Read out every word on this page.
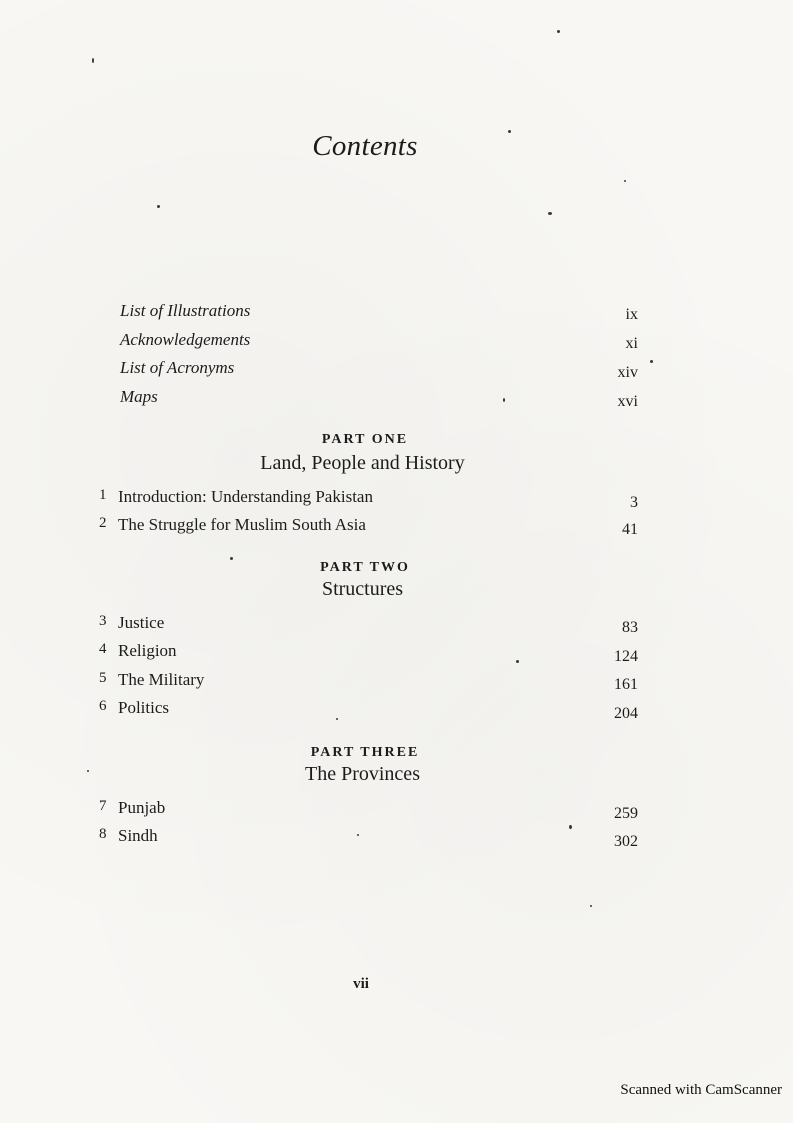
Contents
List of Illustrations	ix
Acknowledgements	xi
List of Acronyms	xiv
Maps	xvi
PART ONE
Land, People and History
1 Introduction: Understanding Pakistan	3
2 The Struggle for Muslim South Asia	41
PART TWO
Structures
3 Justice	83
4 Religion	124
5 The Military	161
6 Politics	204
PART THREE
The Provinces
7 Punjab	259
8 Sindh	302
vii
Scanned with CamScanner
